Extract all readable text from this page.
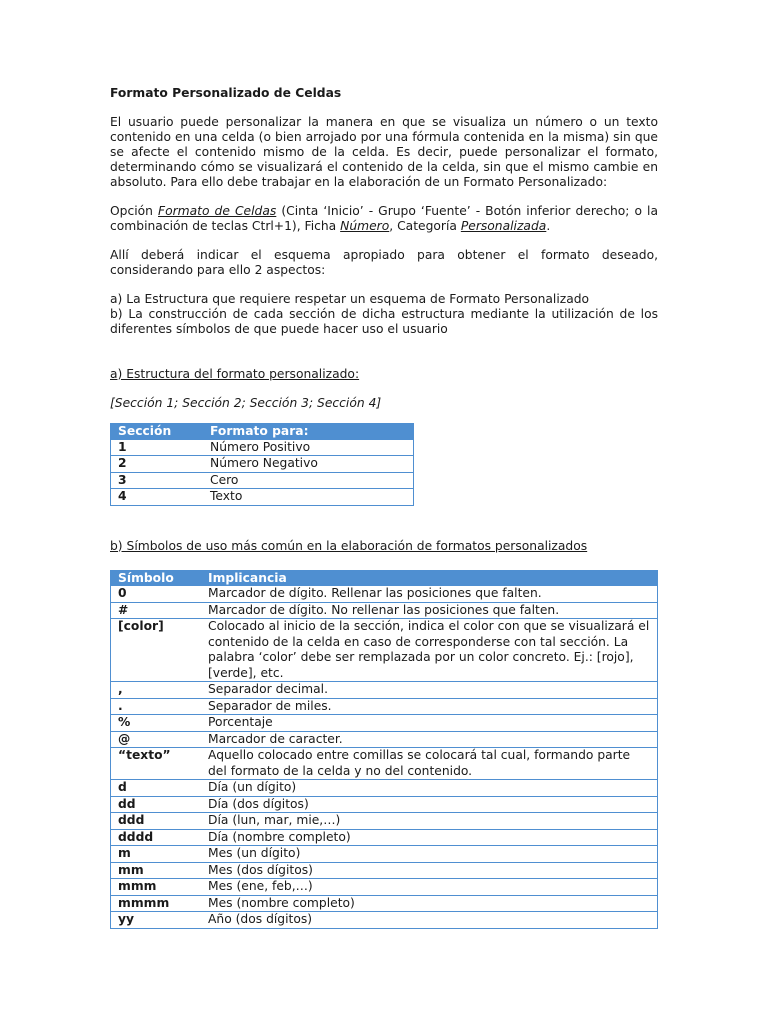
Formato Personalizado de Celdas

El usuario puede personalizar la manera en que se visualiza un número o un texto contenido en una celda (o bien arrojado por una fórmula contenida en la misma) sin que se afecte el contenido mismo de la celda. Es decir, puede personalizar el formato, determinando cómo se visualizará el contenido de la celda, sin que el mismo cambie en absoluto. Para ello debe trabajar en la elaboración de un Formato Personalizado:

Opción Formato de Celdas (Cinta ‘Inicio’ - Grupo ‘Fuente’ - Botón inferior derecho; o la combinación de teclas Ctrl+1), Ficha Número, Categoría Personalizada.

Allí deberá indicar el esquema apropiado para obtener el formato deseado, considerando para ello 2 aspectos:

a) La Estructura que requiere respetar un esquema de Formato Personalizado

b) La construcción de cada sección de dicha estructura mediante la utilización de los diferentes símbolos de que puede hacer uso el usuario

a) Estructura del formato personalizado:

[Sección 1; Sección 2; Sección 3; Sección 4]

Sección	Formato para:
1	Número Positivo
2	Número Negativo
3	Cero
4	Texto

b) Símbolos de uso más común en la elaboración de formatos personalizados

Símbolo	Implicancia
0	Marcador de dígito. Rellenar las posiciones que falten.
#	Marcador de dígito. No rellenar las posiciones que falten.
[color]	Colocado al inicio de la sección, indica el color con que se visualizará el contenido de la celda en caso de corresponderse con tal sección. La palabra ‘color’ debe ser remplazada por un color concreto. Ej.: [rojo], [verde], etc.
,	Separador decimal.
.	Separador de miles.
%	Porcentaje
@	Marcador de caracter.
“texto”	Aquello colocado entre comillas se colocará tal cual, formando parte del formato de la celda y no del contenido.
d	Día (un dígito)
dd	Día (dos dígitos)
ddd	Día (lun, mar, mie,…)
dddd	Día (nombre completo)
m	Mes (un dígito)
mm	Mes (dos dígitos)
mmm	Mes (ene, feb,…)
mmmm	Mes (nombre completo)
yy	Año (dos dígitos)
